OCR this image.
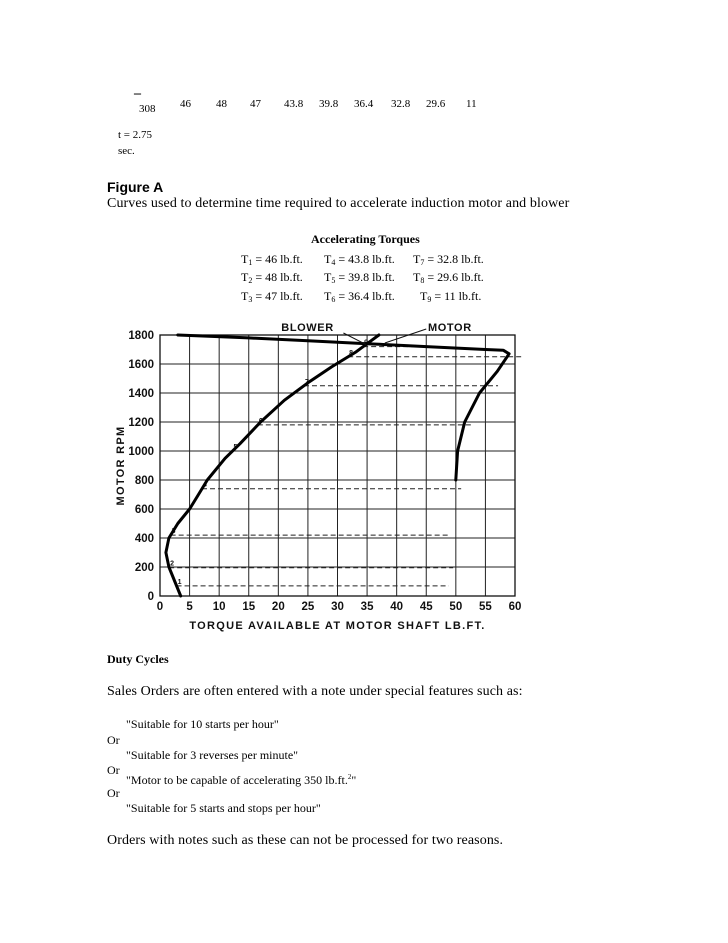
‒
308 46 48 47 43.8 39.8 36.4 32.8 29.6 11
t = 2.75
sec.
Figure A
Curves used to determine time required to accelerate induction motor and blower
Accelerating Torques
$T_1 = 46$ lb.ft. $T_4 = 43.8$ lb.ft. $T_7 = 32.8$ lb.ft.
$T_2 = 48$ lb.ft. $T_5 = 39.8$ lb.ft. $T_8 = 29.6$ lb.ft.
$T_3 = 47$ lb.ft. $T_6 = 36.4$ lb.ft. $T_9 = 11$ lb.ft.
0 5 10 15 20 25 30 35 40 45 50 55 60
0
200
400
600
800
1000
1200
1400
1600
1800
TORQUE AVAILABLE AT MOTOR SHAFT LB.FT.
MOTOR RPM
1
2
3
4
5
6
7
8
9
BLOWER	MOTOR
Duty Cycles
Sales Orders are often entered with a note under special features such as:
"Suitable for 10 starts per hour"
Or
"Suitable for 3 reverses per minute"
Or
"Motor to be capable of accelerating 350 lb.ft.$^2$"
Or
"Suitable for 5 starts and stops per hour"
Orders with notes such as these can not be processed for two reasons.
